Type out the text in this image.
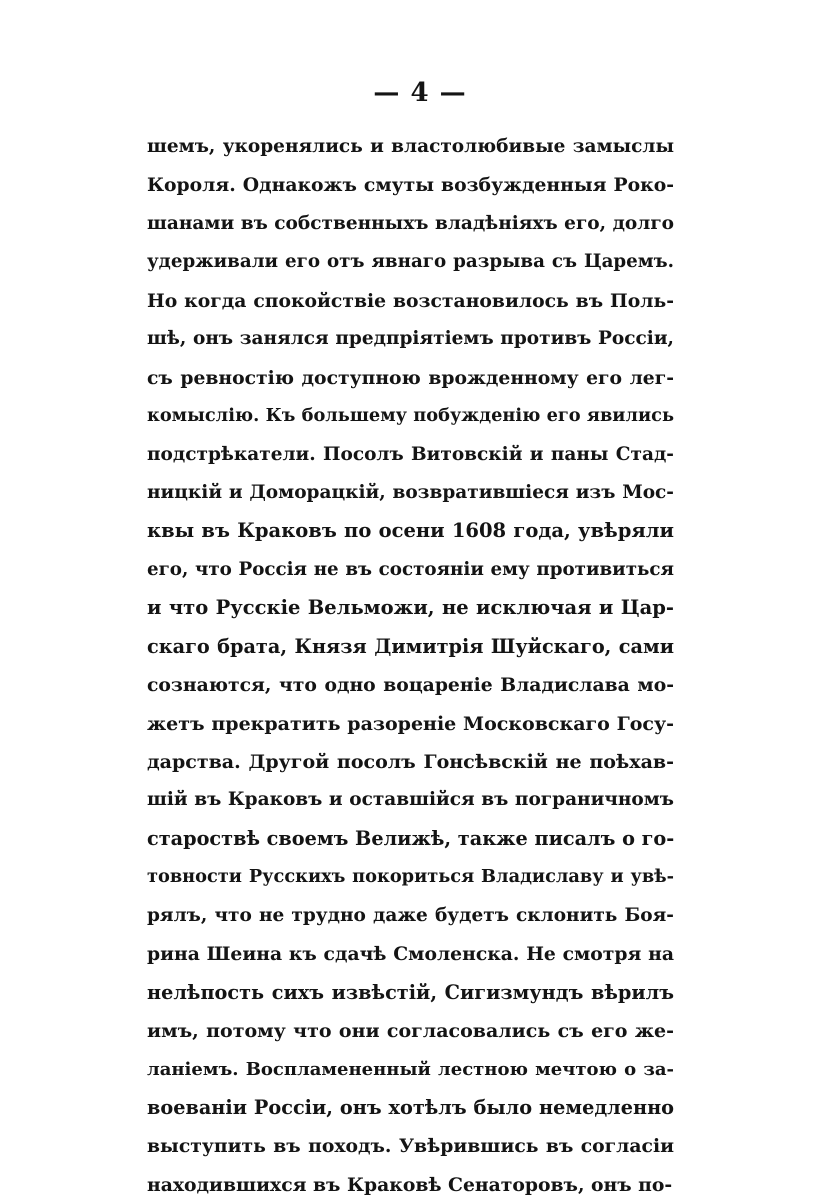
— 4 —
шемъ, укоренялись и властолюбивые замыслы
Короля. Однакожъ смуты возбужденныя Роко-
шанами въ собственныхъ владѣніяхъ его, долго
удерживали его отъ явнаго разрыва съ Царемъ.
Но когда спокойствіе возстановилось въ Поль-
шѣ, онъ занялся предпріятіемъ противъ Россіи,
съ ревностію доступною врожденному его лег-
комыслію. Къ большему побужденію его явились
подстрѣкатели. Посолъ Витовскій и паны Стад-
ницкій и Доморацкій, возвратившіеся изъ Мос-
квы въ Краковъ по осени 1608 года, увѣряли
его, что Россія не въ состояніи ему противиться
и что Русскіе Вельможи, не исключая и Цар-
скаго брата, Князя Димитрія Шуйскаго, сами
сознаются, что одно воцареніе Владислава мо-
жетъ прекратить разореніе Московскаго Госу-
дарства. Другой посолъ Гонсѣвскій не поѣхав-
шій въ Краковъ и оставшійся въ пограничномъ
староствѣ своемъ Велижѣ, также писалъ о го-
товности Русскихъ покориться Владиславу и увѣ-
рялъ, что не трудно даже будетъ склонить Боя-
рина Шеина къ сдачѣ Смоленска. Не смотря на
нелѣпость сихъ извѣстій, Сигизмундъ вѣрилъ
имъ, потому что они согласовались съ его же-
ланіемъ. Воспламененный лестною мечтою о за-
воеваніи Россіи, онъ хотѣлъ было немедленно
выступить въ походъ. Увѣрившись въ согласіи
находившихся въ Краковѣ Сенаторовъ, онъ по-
